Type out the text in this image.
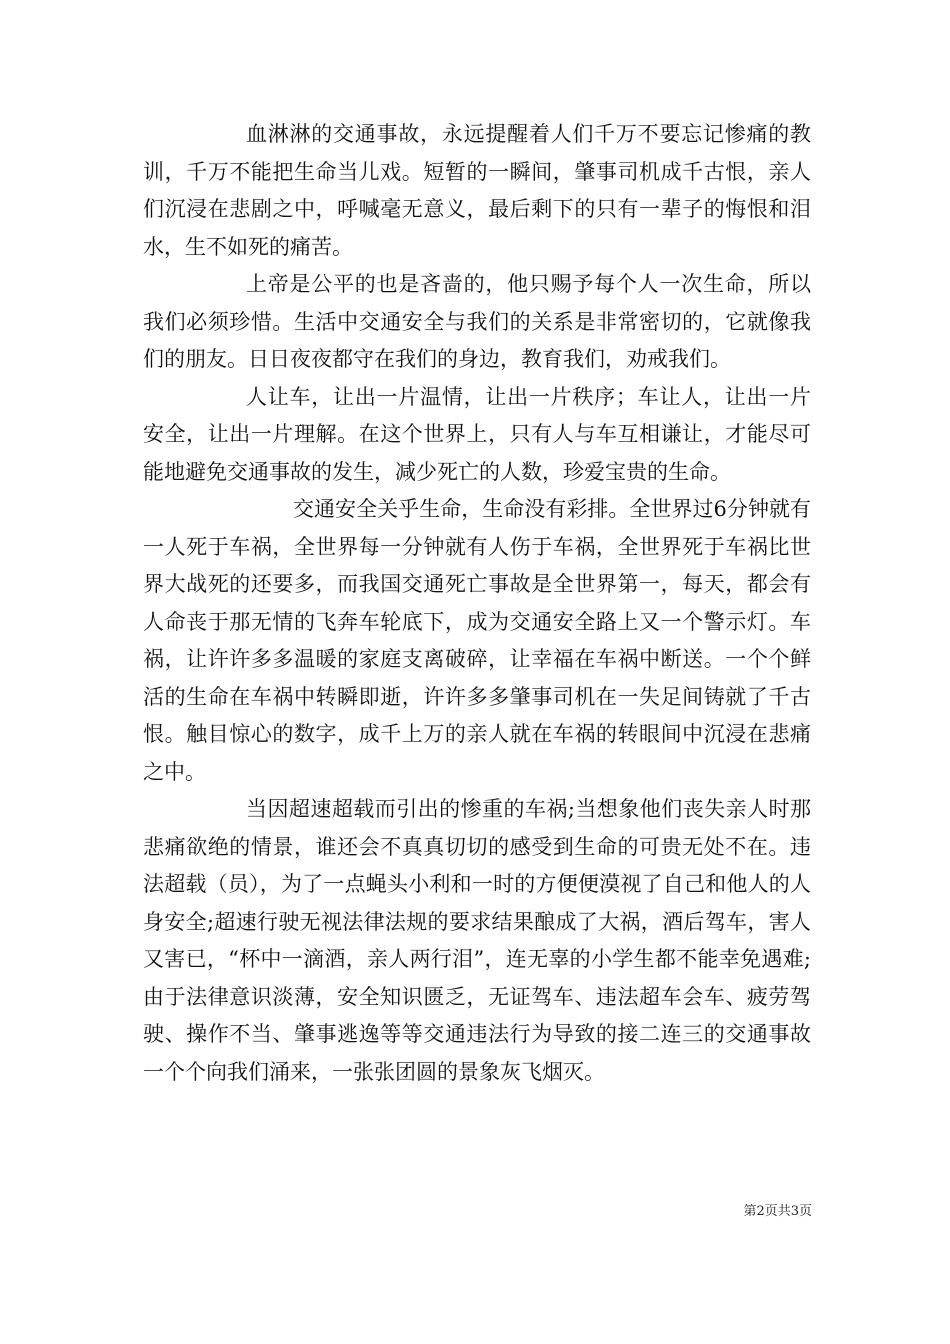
血淋淋的交通事故，永远提醒着人们千万不要忘记惨痛的教训，千万不能把生命当儿戏。短暂的一瞬间，肇事司机成千古恨，亲人们沉浸在悲剧之中，呼喊毫无意义，最后剩下的只有一辈子的悔恨和泪水，生不如死的痛苦。

上帝是公平的也是吝啬的，他只赐予每个人一次生命，所以我们必须珍惜。生活中交通安全与我们的关系是非常密切的，它就像我们的朋友。日日夜夜都守在我们的身边，教育我们，劝戒我们。

人让车，让出一片温情，让出一片秩序；车让人，让出一片安全，让出一片理解。在这个世界上，只有人与车互相谦让，才能尽可能地避免交通事故的发生，减少死亡的人数，珍爱宝贵的生命。

交通安全关乎生命，生命没有彩排。全世界过6分钟就有一人死于车祸，全世界每一分钟就有人伤于车祸，全世界死于车祸比世界大战死的还要多，而我国交通死亡事故是全世界第一，每天，都会有人命丧于那无情的飞奔车轮底下，成为交通安全路上又一个警示灯。车祸，让许许多多温暖的家庭支离破碎，让幸福在车祸中断送。一个个鲜活的生命在车祸中转瞬即逝，许许多多肇事司机在一失足间铸就了千古恨。触目惊心的数字，成千上万的亲人就在车祸的转眼间中沉浸在悲痛之中。

当因超速超载而引出的惨重的车祸;当想象他们丧失亲人时那悲痛欲绝的情景，谁还会不真真切切的感受到生命的可贵无处不在。违法超载（员），为了一点蝇头小利和一时的方便便漠视了自己和他人的人身安全;超速行驶无视法律法规的要求结果酿成了大祸，酒后驾车，害人又害已，“杯中一滴酒，亲人两行泪”，连无辜的小学生都不能幸免遇难;由于法律意识淡薄，安全知识匮乏，无证驾车、违法超车会车、疲劳驾驶、操作不当、肇事逃逸等等交通违法行为导致的接二连三的交通事故一个个向我们涌来，一张张团圆的景象灰飞烟灭。

第2页共3页
